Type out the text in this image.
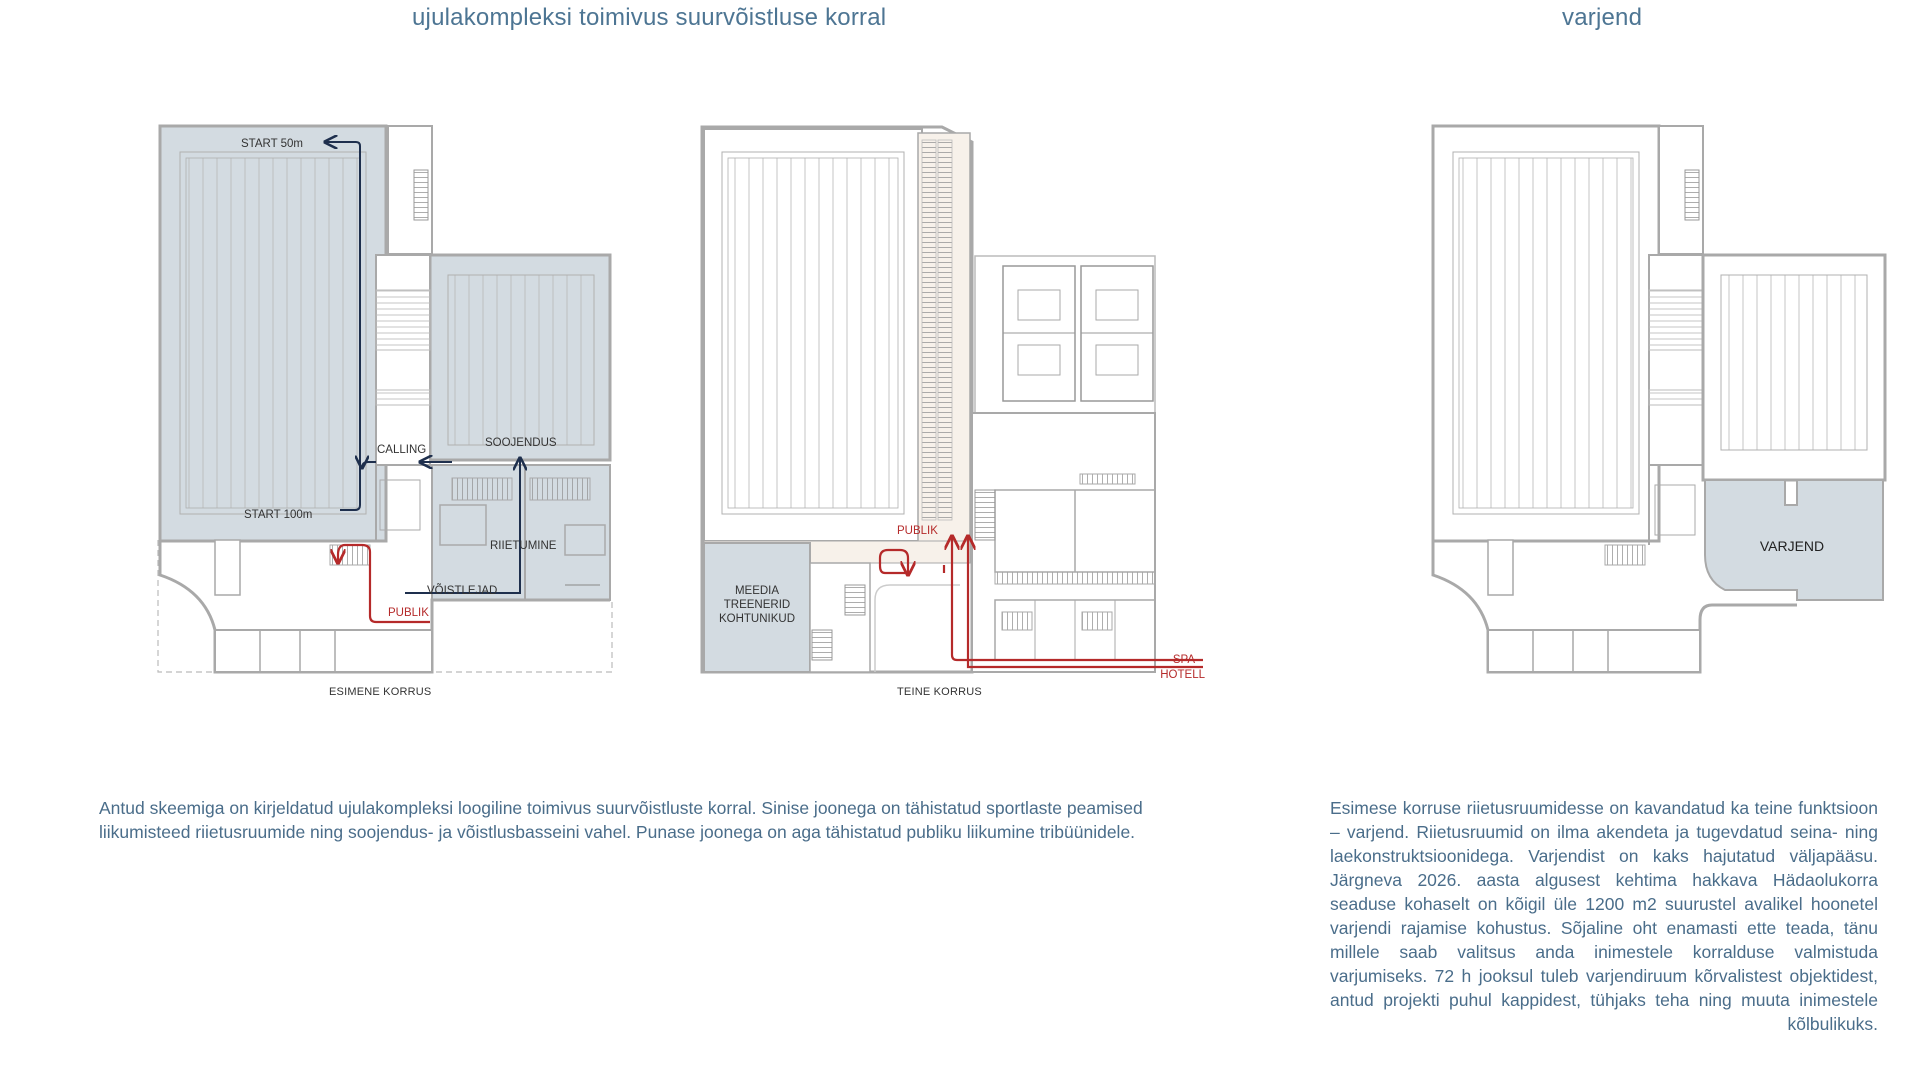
ujulakompleksi toimivus suurvõistluse korral	varjend
START 50m
START 100m
CALLING
SOOJENDUS
RIIETUMINE
VÕISTLEJAD
PUBLIK
PUBLIK
MEEDIA
TREENERID
KOHTUNIKUD
SPA
HOTELL
VARJEND
ESIMENE KORRUS	TEINE KORRUS
Antud skeemiga on kirjeldatud ujulakompleksi loogiline toimivus suurvõistluste korral. Sinise joonega on tähistatud sportlaste peamised liikumisteed riietusruumide ning soojendus- ja võistlusbasseini vahel. Punase joonega on aga tähistatud publiku liikumine tribüünidele.
Esimese korruse riietusruumidesse on kavandatud ka teine funktsioon – varjend. Riietusruumid on ilma akendeta ja tugevdatud seina- ning laekonstruktsioonidega. Varjendist on kaks hajutatud väljapääsu. Järgneva 2026. aasta algusest kehtima hakkava Hädaolukorra seaduse kohaselt on kõigil üle 1200 m2 suurustel avalikel hoonetel varjendi rajamise kohustus. Sõjaline oht enamasti ette teada, tänu millele saab valitsus anda inimestele korralduse valmistuda varjumiseks. 72 h jooksul tuleb varjendiruum kõrvalistest objektidest, antud projekti puhul kappidest, tühjaks teha ning muuta inimestele kõlbulikuks.
